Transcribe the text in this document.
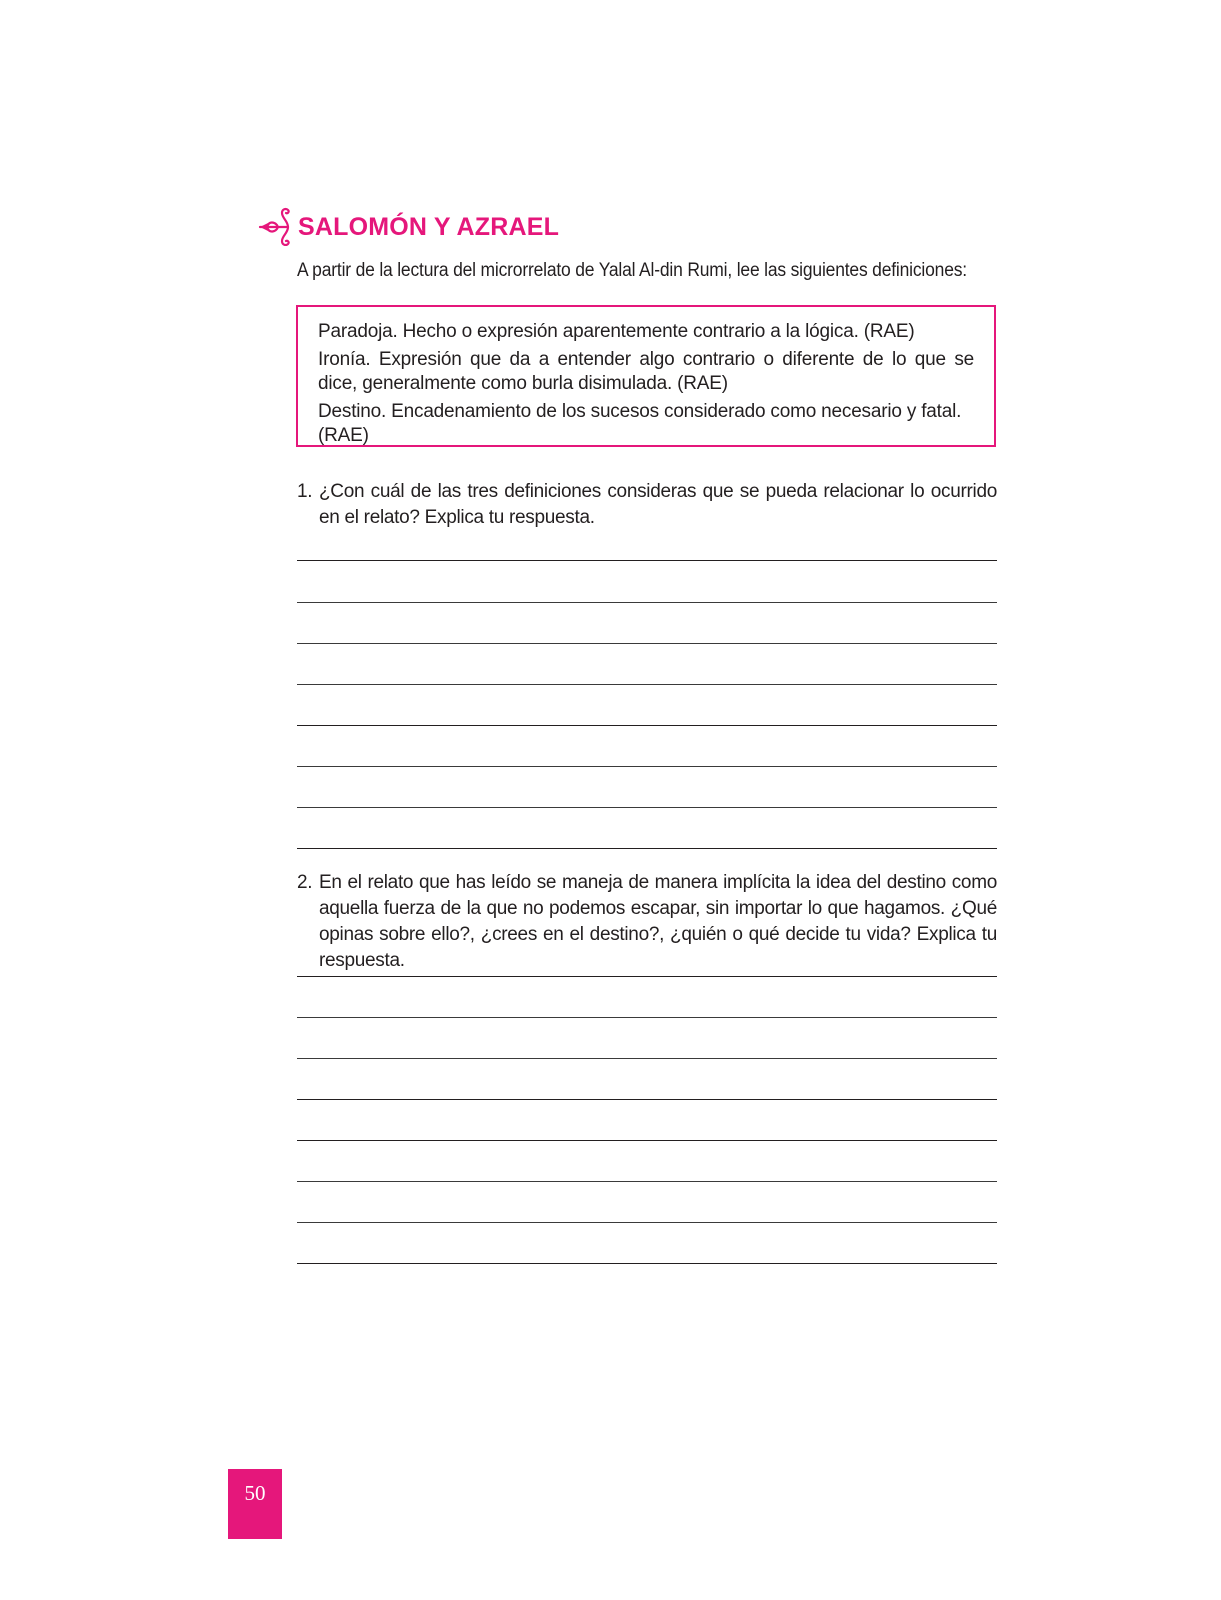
SALOMÓN Y AZRAEL
A partir de la lectura del microrrelato de Yalal Al-din Rumi, lee las siguientes definiciones:
Paradoja. Hecho o expresión aparentemente contrario a la lógica. (RAE)
Ironía. Expresión que da a entender algo contrario o diferente de lo que se dice, generalmente como burla disimulada. (RAE)
Destino. Encadenamiento de los sucesos considerado como necesario y fatal. (RAE)
1. ¿Con cuál de las tres definiciones consideras que se pueda relacionar lo ocurrido en el relato? Explica tu respuesta.
2. En el relato que has leído se maneja de manera implícita la idea del destino como aquella fuerza de la que no podemos escapar, sin importar lo que hagamos. ¿Qué opinas sobre ello?, ¿crees en el destino?, ¿quién o qué decide tu vida? Explica tu respuesta.
50
